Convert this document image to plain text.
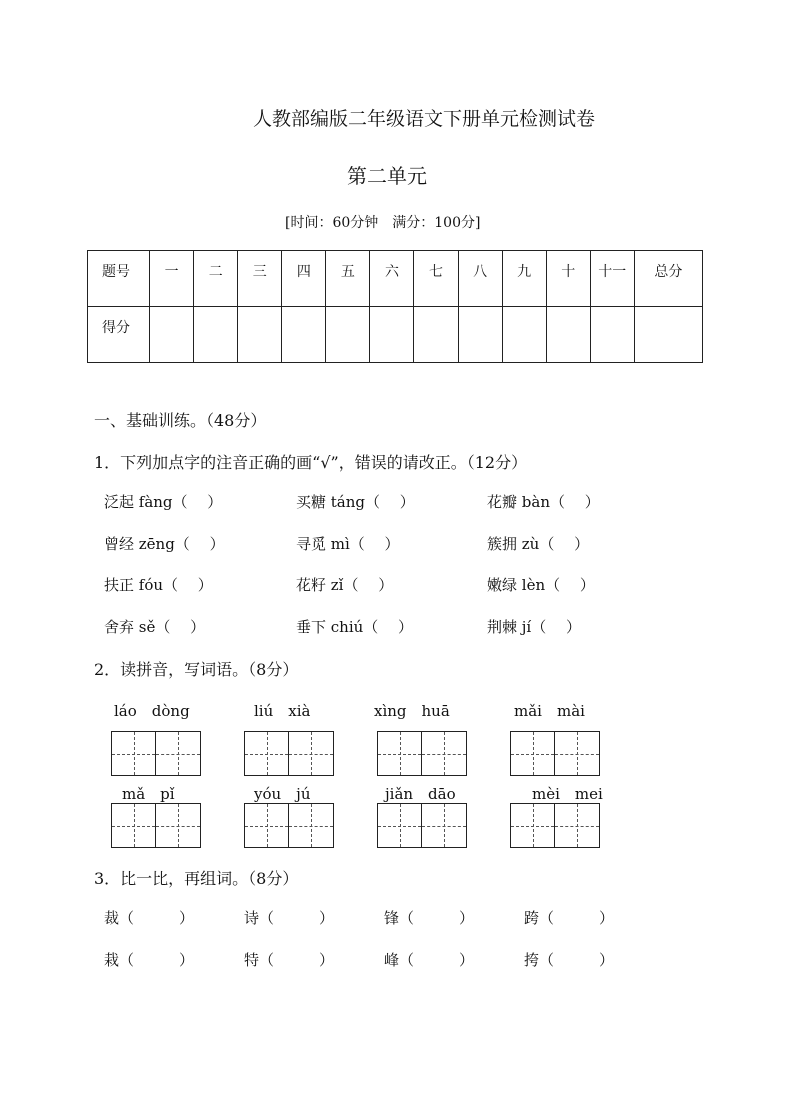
人教部编版二年级语文下册单元检测试卷
第二单元
[时间：60分钟　满分：100分]
题号	一	二	三	四	五	六	七	八	九	十	十一	总分
得分												
一、基础训练。（48分）
1．下列加点字的注音正确的画“√”，错误的请改正。（12分）
泛起 fàng（　 ）	买糖 táng（　 ）	花瓣 bàn（　 ）
曾经 zēng（　 ）	寻觅 mì（　 ）	簇拥 zù（　 ）
扶正 fóu（　 ）	花籽 zǐ（　 ）	嫩绿 lèn（　 ）
舍弃 sě（　 ）	垂下 chiú（　 ）	荆棘 jí（　 ）
2．读拼音，写词语。（8分）
láo　dòng	liú　xià	xìng　huā	mǎi　mài
mǎ　pǐ	yóu　jú	jiǎn　dāo	mèi　mei
3．比一比，再组词。（8分）
裁（　　　）	诗（　　　）	锋（　　　）	跨（　　　）
栽（　　　）	特（　　　）	峰（　　　）	挎（　　　）
